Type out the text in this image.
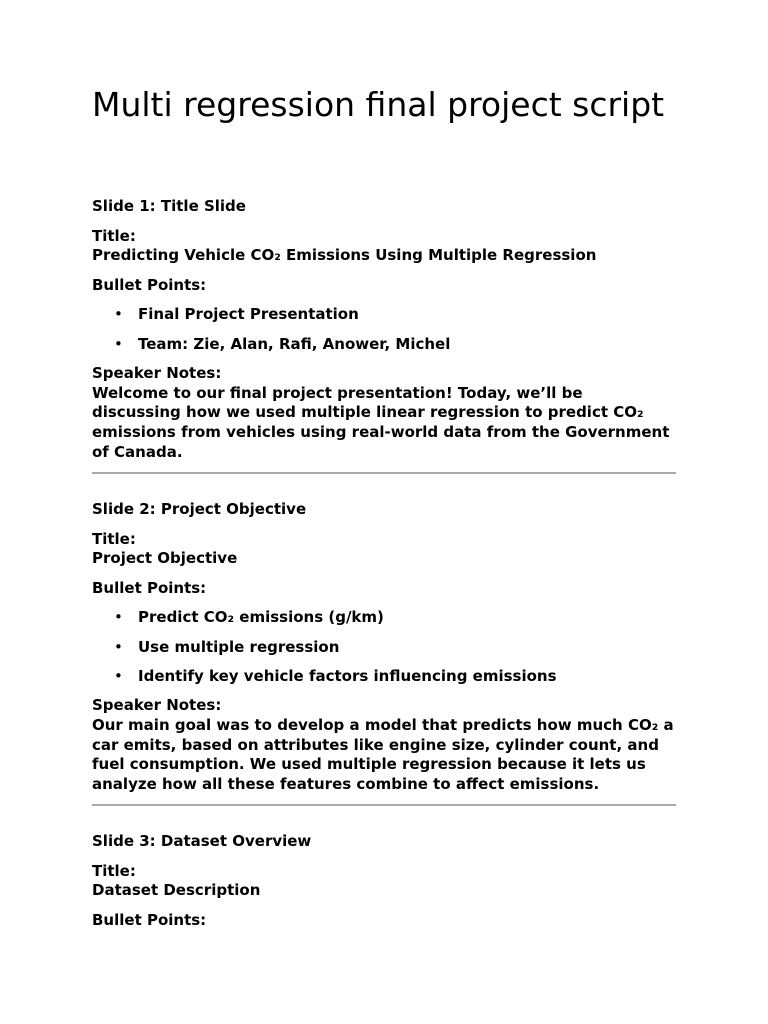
Multi regression final project script

Slide 1: Title Slide

Title:

Predicting Vehicle CO₂ Emissions Using Multiple Regression

Bullet Points:

• Final Project Presentation
• Team: Zie, Alan, Rafi, Anower, Michel

Speaker Notes:

Welcome to our final project presentation! Today, we’ll be discussing how we used multiple linear regression to predict CO₂ emissions from vehicles using real-world data from the Government of Canada.

Slide 2: Project Objective

Title:

Project Objective

Bullet Points:

• Predict CO₂ emissions (g/km)
• Use multiple regression
• Identify key vehicle factors influencing emissions

Speaker Notes:

Our main goal was to develop a model that predicts how much CO₂ a car emits, based on attributes like engine size, cylinder count, and fuel consumption. We used multiple regression because it lets us analyze how all these features combine to affect emissions.

Slide 3: Dataset Overview

Title:

Dataset Description

Bullet Points:
